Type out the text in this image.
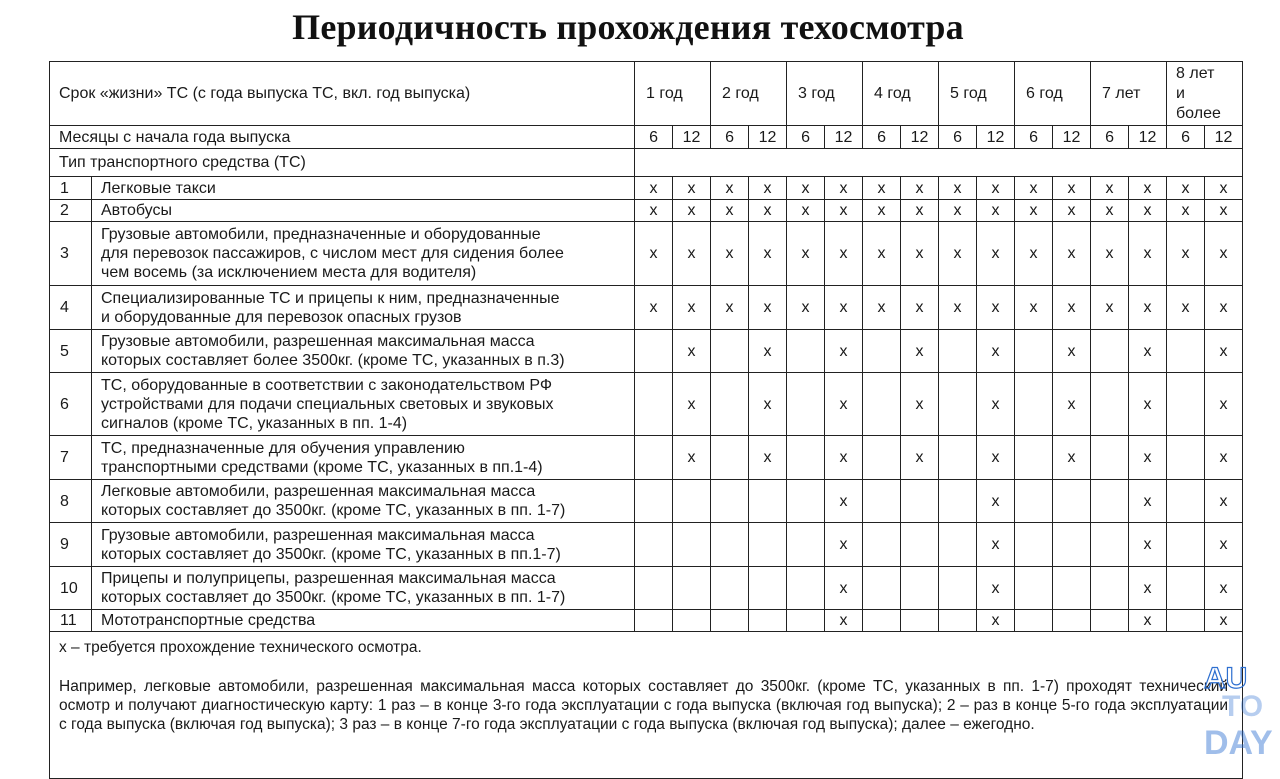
Периодичность прохождения техосмотра
Срок «жизни» ТС (с года выпуска ТС, вкл. год выпуска)		1 год		2 год		3 год		4 год		5 год		6 год		7 лет		8 лет
и
более	

Месяцы с начала года выпуска		6	12	6	12	6	12	6	12	6	12	6	12	6	12	6	12
Тип транспортного средства (ТС)																	
1	Легковые такси	x	x	x	x	x	x	x	x	x	x	x	x	x	x	x	x
2	Автобусы	x	x	x	x	x	x	x	x	x	x	x	x	x	x	x	x
3	Грузовые автомобили, предназначенные и оборудованные
для перевозок пассажиров, с числом мест для сидения более
чем восемь (за исключением места для водителя)	x	x	x	x	x	x	x	x	x	x	x	x	x	x	x	x
4	Специализированные ТС и прицепы к ним, предназначенные
и оборудованные для перевозок опасных грузов	x	x	x	x	x	x	x	x	x	x	x	x	x	x	x	x
5	Грузовые автомобили, разрешенная максимальная масса
которых составляет более 3500кг. (кроме ТС, указанных в п.3)		x		x		x		x		x		x		x		x
6	ТС, оборудованные в соответствии с законодательством РФ
устройствами для подачи специальных световых и звуковых
сигналов (кроме ТС, указанных в пп. 1-4)		x		x		x		x		x		x		x		x
7	ТС, предназначенные для обучения управлению
транспортными средствами (кроме ТС, указанных в пп.1-4)		x		x		x		x		x		x		x		x
8	Легковые автомобили, разрешенная максимальная масса
которых составляет до 3500кг. (кроме ТС, указанных в пп. 1-7)						x				x				x		x
9	Грузовые автомобили, разрешенная максимальная масса
которых составляет до 3500кг. (кроме ТС, указанных в пп.1-7)						x				x				x		x
10	Прицепы и полуприцепы, разрешенная максимальная масса
которых составляет до 3500кг. (кроме ТС, указанных в пп. 1-7)						x				x				x		x
11	Мототранспортные средства						x				x				x		x

x – требуется прохождение технического осмотра.
Например, легковые автомобили, разрешенная максимальная масса которых составляет до 3500кг. (кроме ТС, указанных в пп. 1-7) проходят технический осмотр и получают диагностическую карту: 1 раз – в конце 3-го года эксплуатации с года выпуска (включая год выпуска); 2 – раз в конце 5-го года эксплуатации с года выпуска (включая год выпуска); 3 раз – в конце 7-го года эксплуатации с года выпуска (включая год выпуска); далее – ежегодно.																	
AU
TO
DAY
